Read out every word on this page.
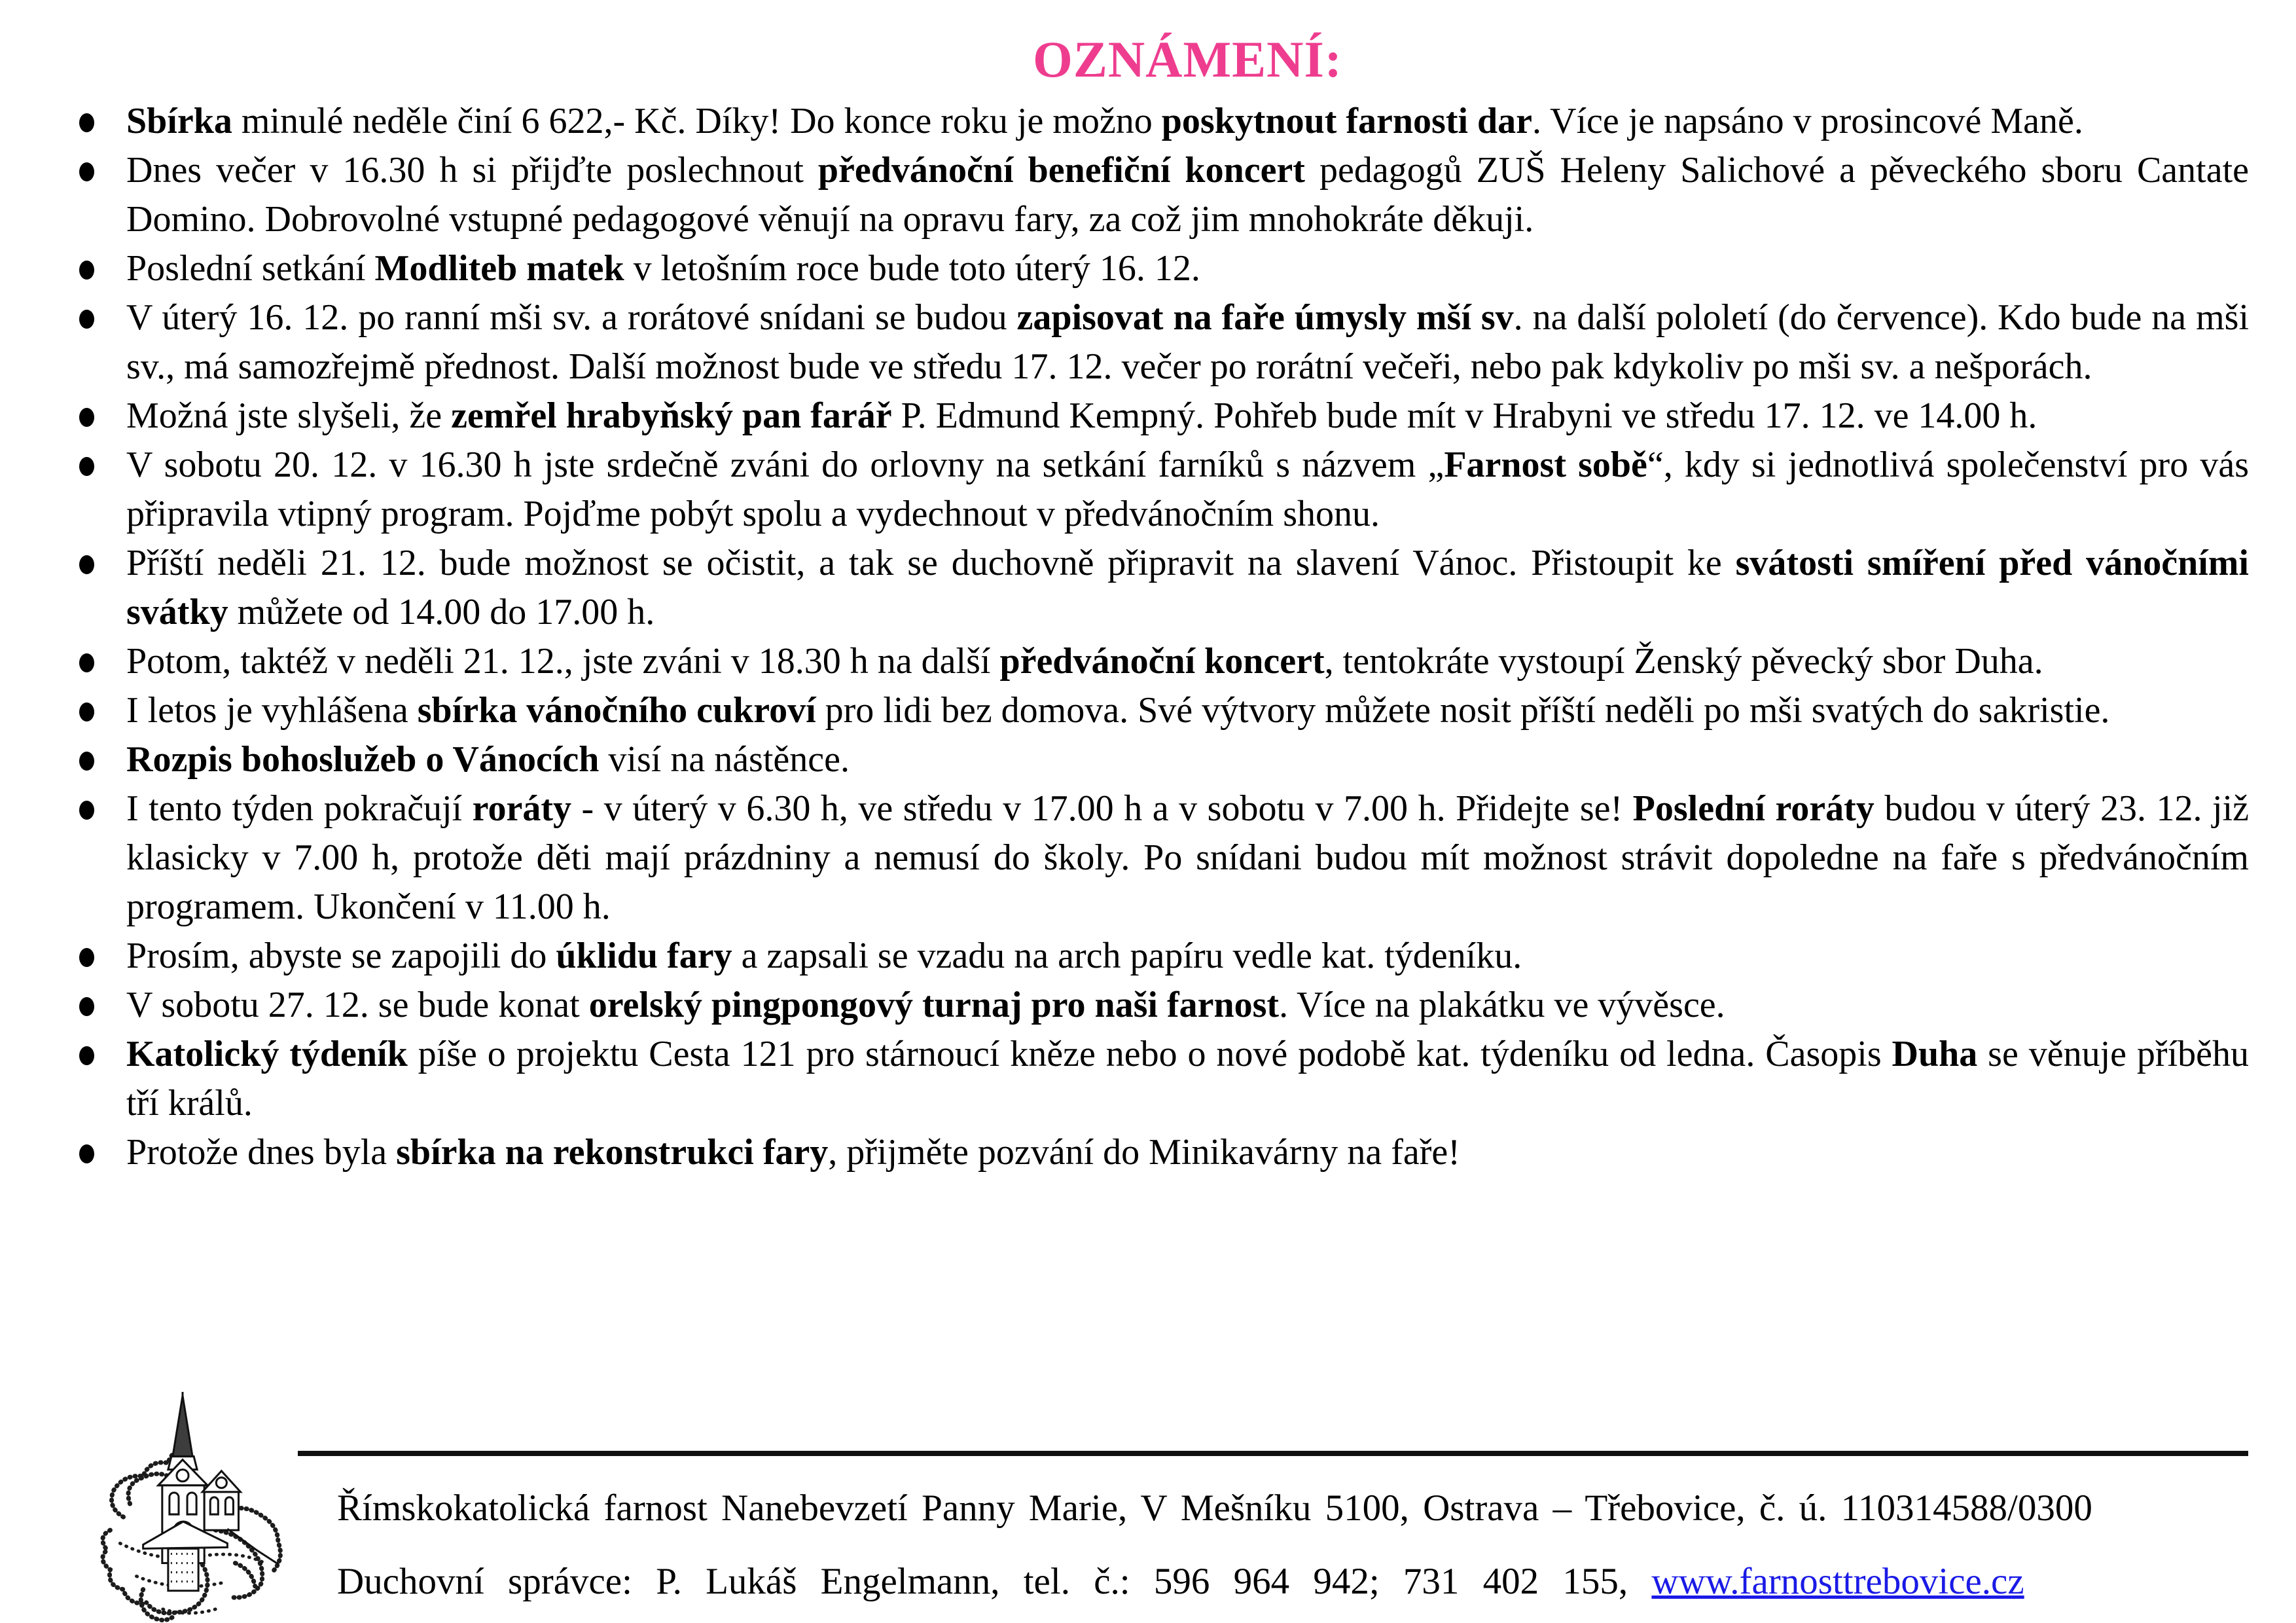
OZNÁMENÍ:
Sbírka minulé neděle činí 6 622,- Kč. Díky! Do konce roku je možno poskytnout farnosti dar. Více je napsáno v prosincové Maně.
Dnes večer v 16.30 h si přijďte poslechnout předvánoční benefiční koncert pedagogů ZUŠ Heleny Salichové a pěveckého sboru Cantate Domino. Dobrovolné vstupné pedagogové věnují na opravu fary, za což jim mnohokráte děkuji.
Poslední setkání Modliteb matek v letošním roce bude toto úterý 16. 12.
V úterý 16. 12. po ranní mši sv. a rorátové snídani se budou zapisovat na faře úmysly mší sv. na další pololetí (do července). Kdo bude na mši sv., má samozřejmě přednost. Další možnost bude ve středu 17. 12. večer po rorátní večeři, nebo pak kdykoliv po mši sv. a nešporách.
Možná jste slyšeli, že zemřel hrabyňský pan farář P. Edmund Kempný. Pohřeb bude mít v Hrabyni ve středu 17. 12. ve 14.00 h.
V sobotu 20. 12. v 16.30 h jste srdečně zváni do orlovny na setkání farníků s názvem „Farnost sobě“, kdy si jednotlivá společenství pro vás připravila vtipný program. Pojďme pobýt spolu a vydechnout v předvánočním shonu.
Příští neděli 21. 12. bude možnost se očistit, a tak se duchovně připravit na slavení Vánoc. Přistoupit ke svátosti smíření před vánočními svátky můžete od 14.00 do 17.00 h.
Potom, taktéž v neděli 21. 12., jste zváni v 18.30 h na další předvánoční koncert, tentokráte vystoupí Ženský pěvecký sbor Duha.
I letos je vyhlášena sbírka vánočního cukroví pro lidi bez domova. Své výtvory můžete nosit příští neděli po mši svatých do sakristie.
Rozpis bohoslužeb o Vánocích visí na nástěnce.
I tento týden pokračují roráty - v úterý v 6.30 h, ve středu v 17.00 h a v sobotu v 7.00 h. Přidejte se! Poslední roráty budou v úterý 23. 12. již klasicky v 7.00 h, protože děti mají prázdniny a nemusí do školy. Po snídani budou mít možnost strávit dopoledne na faře s předvánočním programem. Ukončení v 11.00 h.
Prosím, abyste se zapojili do úklidu fary a zapsali se vzadu na arch papíru vedle kat. týdeníku.
V sobotu 27. 12. se bude konat orelský pingpongový turnaj pro naši farnost. Více na plakátku ve vývěsce.
Katolický týdeník píše o projektu Cesta 121 pro stárnoucí kněze nebo o nové podobě kat. týdeníku od ledna. Časopis Duha se věnuje příběhu tří králů.
Protože dnes byla sbírka na rekonstrukci fary, přijměte pozvání do Minikavárny na faře!
Římskokatolická farnost Nanebevzetí Panny Marie, V Mešníku 5100, Ostrava – Třebovice, č. ú. 110314588/0300
Duchovní správce: P. Lukáš Engelmann, tel. č.: 596 964 942; 731 402 155, www.farnosttrebovice.cz
